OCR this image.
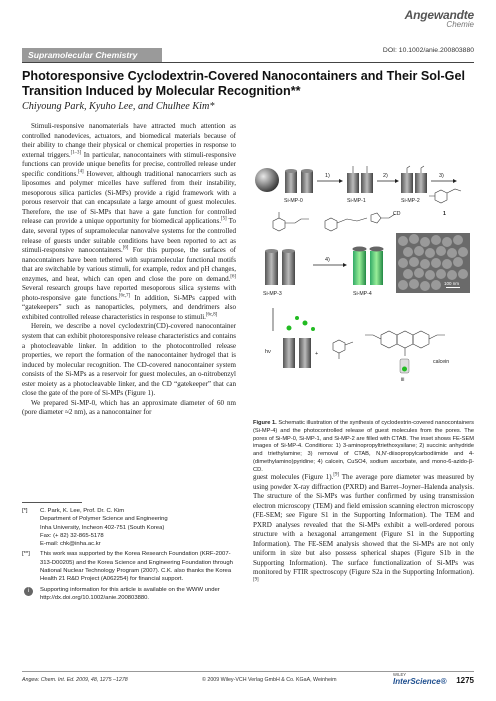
Angewandte
Chemie
Supramolecular Chemistry	DOI: 10.1002/anie.200803880
Photoresponsive Cyclodextrin-Covered Nanocontainers and Their Sol-Gel Transition Induced by Molecular Recognition**
Chiyoung Park, Kyuho Lee, and Chulhee Kim*

Stimuli-responsive nanomaterials have attracted much attention as controlled nanodevices, actuators, and biomedical materials because of their ability to change their physical or chemical properties in response to external triggers.[1–3] In particular, nanocontainers with stimuli-responsive functions can provide unique benefits for precise, controlled release under specific conditions.[4] However, although traditional nanocarriers such as liposomes and polymer micelles have suffered from their instability, mesoporous silica particles (Si-MPs) provide a rigid framework with a porous reservoir that can encapsulate a large amount of guest molecules. Therefore, the use of Si-MPs that have a gate function for controlled release can provide a unique opportunity for biomedical applications.[5] To date, several types of supramolecular nanovalve systems for the controlled release of guests under suitable conditions have been reported to act as stimuli-responsive nanocontainers.[6] For this purpose, the surfaces of nanocontainers have been tethered with supramolecular functional motifs that are switchable by various stimuli, for example, redox and pH changes, enzymes, and heat, which can open and close the pore on demand.[6] Several research groups have reported mesoporous silica systems with photo-responsive gate functions.[6c,7] In addition, Si-MPs capped with “gatekeepers” such as nanoparticles, polymers, and dendrimers also exhibited controlled release characteristics in response to stimuli.[6c,8]

Herein, we describe a novel cyclodextrin(CD)-covered nanocontainer system that can exhibit photoresponsive release characteristics and contains a photocleavable linker. In addition to the photocontrolled release properties, we report the formation of the nanocontainer hydrogel that is induced by molecular recognition. The CD-covered nanocontainer system consists of the Si-MPs as a reservoir for guest molecules, an o-nitrobenzyl ester moiety as a photocleavable linker, and the CD “gatekeeper” that can close the gate of the pore of Si-MPs (Figure 1).

We prepared Si-MP-0, which has an approximate diameter of 60 nm (pore diameter ≈2 nm), as a nanocontainer for

[*] C. Park, K. Lee, Prof. Dr. C. Kim
Department of Polymer Science and Engineering
Inha University, Incheon 402-751 (South Korea)
Fax: (+ 82) 32-865-5178
E-mail: chk@inha.ac.kr
[**] This work was supported by the Korea Research Foundation (KRF-2007-313-D00205) and the Korea Science and Engineering Foundation through National Nuclear Technology Program (2007). C.K. also thanks the Korea Health 21 R&D Project (A062254) for financial support.
i	Supporting information for this article is available on the WWW under http://dx.doi.org/10.1002/anie.200803880.
Si-MP-0
1)
Si-MP-1
2)
Si-MP-2
3)
1
CD
4)
Si-MP-3	Si-MP-4
100 nm
hν	+
calcein
iii
Figure 1. Schematic illustration of the synthesis of cyclodextrin-covered nanocontainers (Si-MP-4) and the photocontrolled release of guest molecules from the pores. The pores of Si-MP-0, Si-MP-1, and Si-MP-2 are filled with CTAB. The inset shows FE-SEM images of Si-MP-4. Conditions: 1) 3-aminopropyltriethoxysilane; 2) succinic anhydride and triethylamine; 3) removal of CTAB, N,N'-diisopropylcarbodiimide and 4-(dimethylamino)pyridine; 4) calcein, CuSO4, sodium ascorbate, and mono-6-azido-β-CD.

guest molecules (Figure 1).[9] The average pore diameter was measured by using powder X-ray diffraction (PXRD) and Barret–Joyner–Halenda analysis. The structure of the Si-MPs was further confirmed by using transmission electron microscopy (TEM) and field emission scanning electron microscopy (FE-SEM; see Figure S1 in the Supporting Information). The TEM and PXRD analyses revealed that the Si-MPs exhibit a well-ordered porous structure with a hexagonal arrangement (Figure S1 in the Supporting Information). The FE-SEM analysis showed that the Si-MPs are not only uniform in size but also possess spherical shapes (Figure S1b in the Supporting Information). The surface functionalization of Si-MPs was monitored by FTIR spectroscopy (Figure S2a in the Supporting Information).[9]

Angew. Chem. Int. Ed. 2009, 48, 1275 –1278	© 2009 Wiley-VCH Verlag GmbH & Co. KGaA, Weinheim
WILEY
InterScience® 1275
